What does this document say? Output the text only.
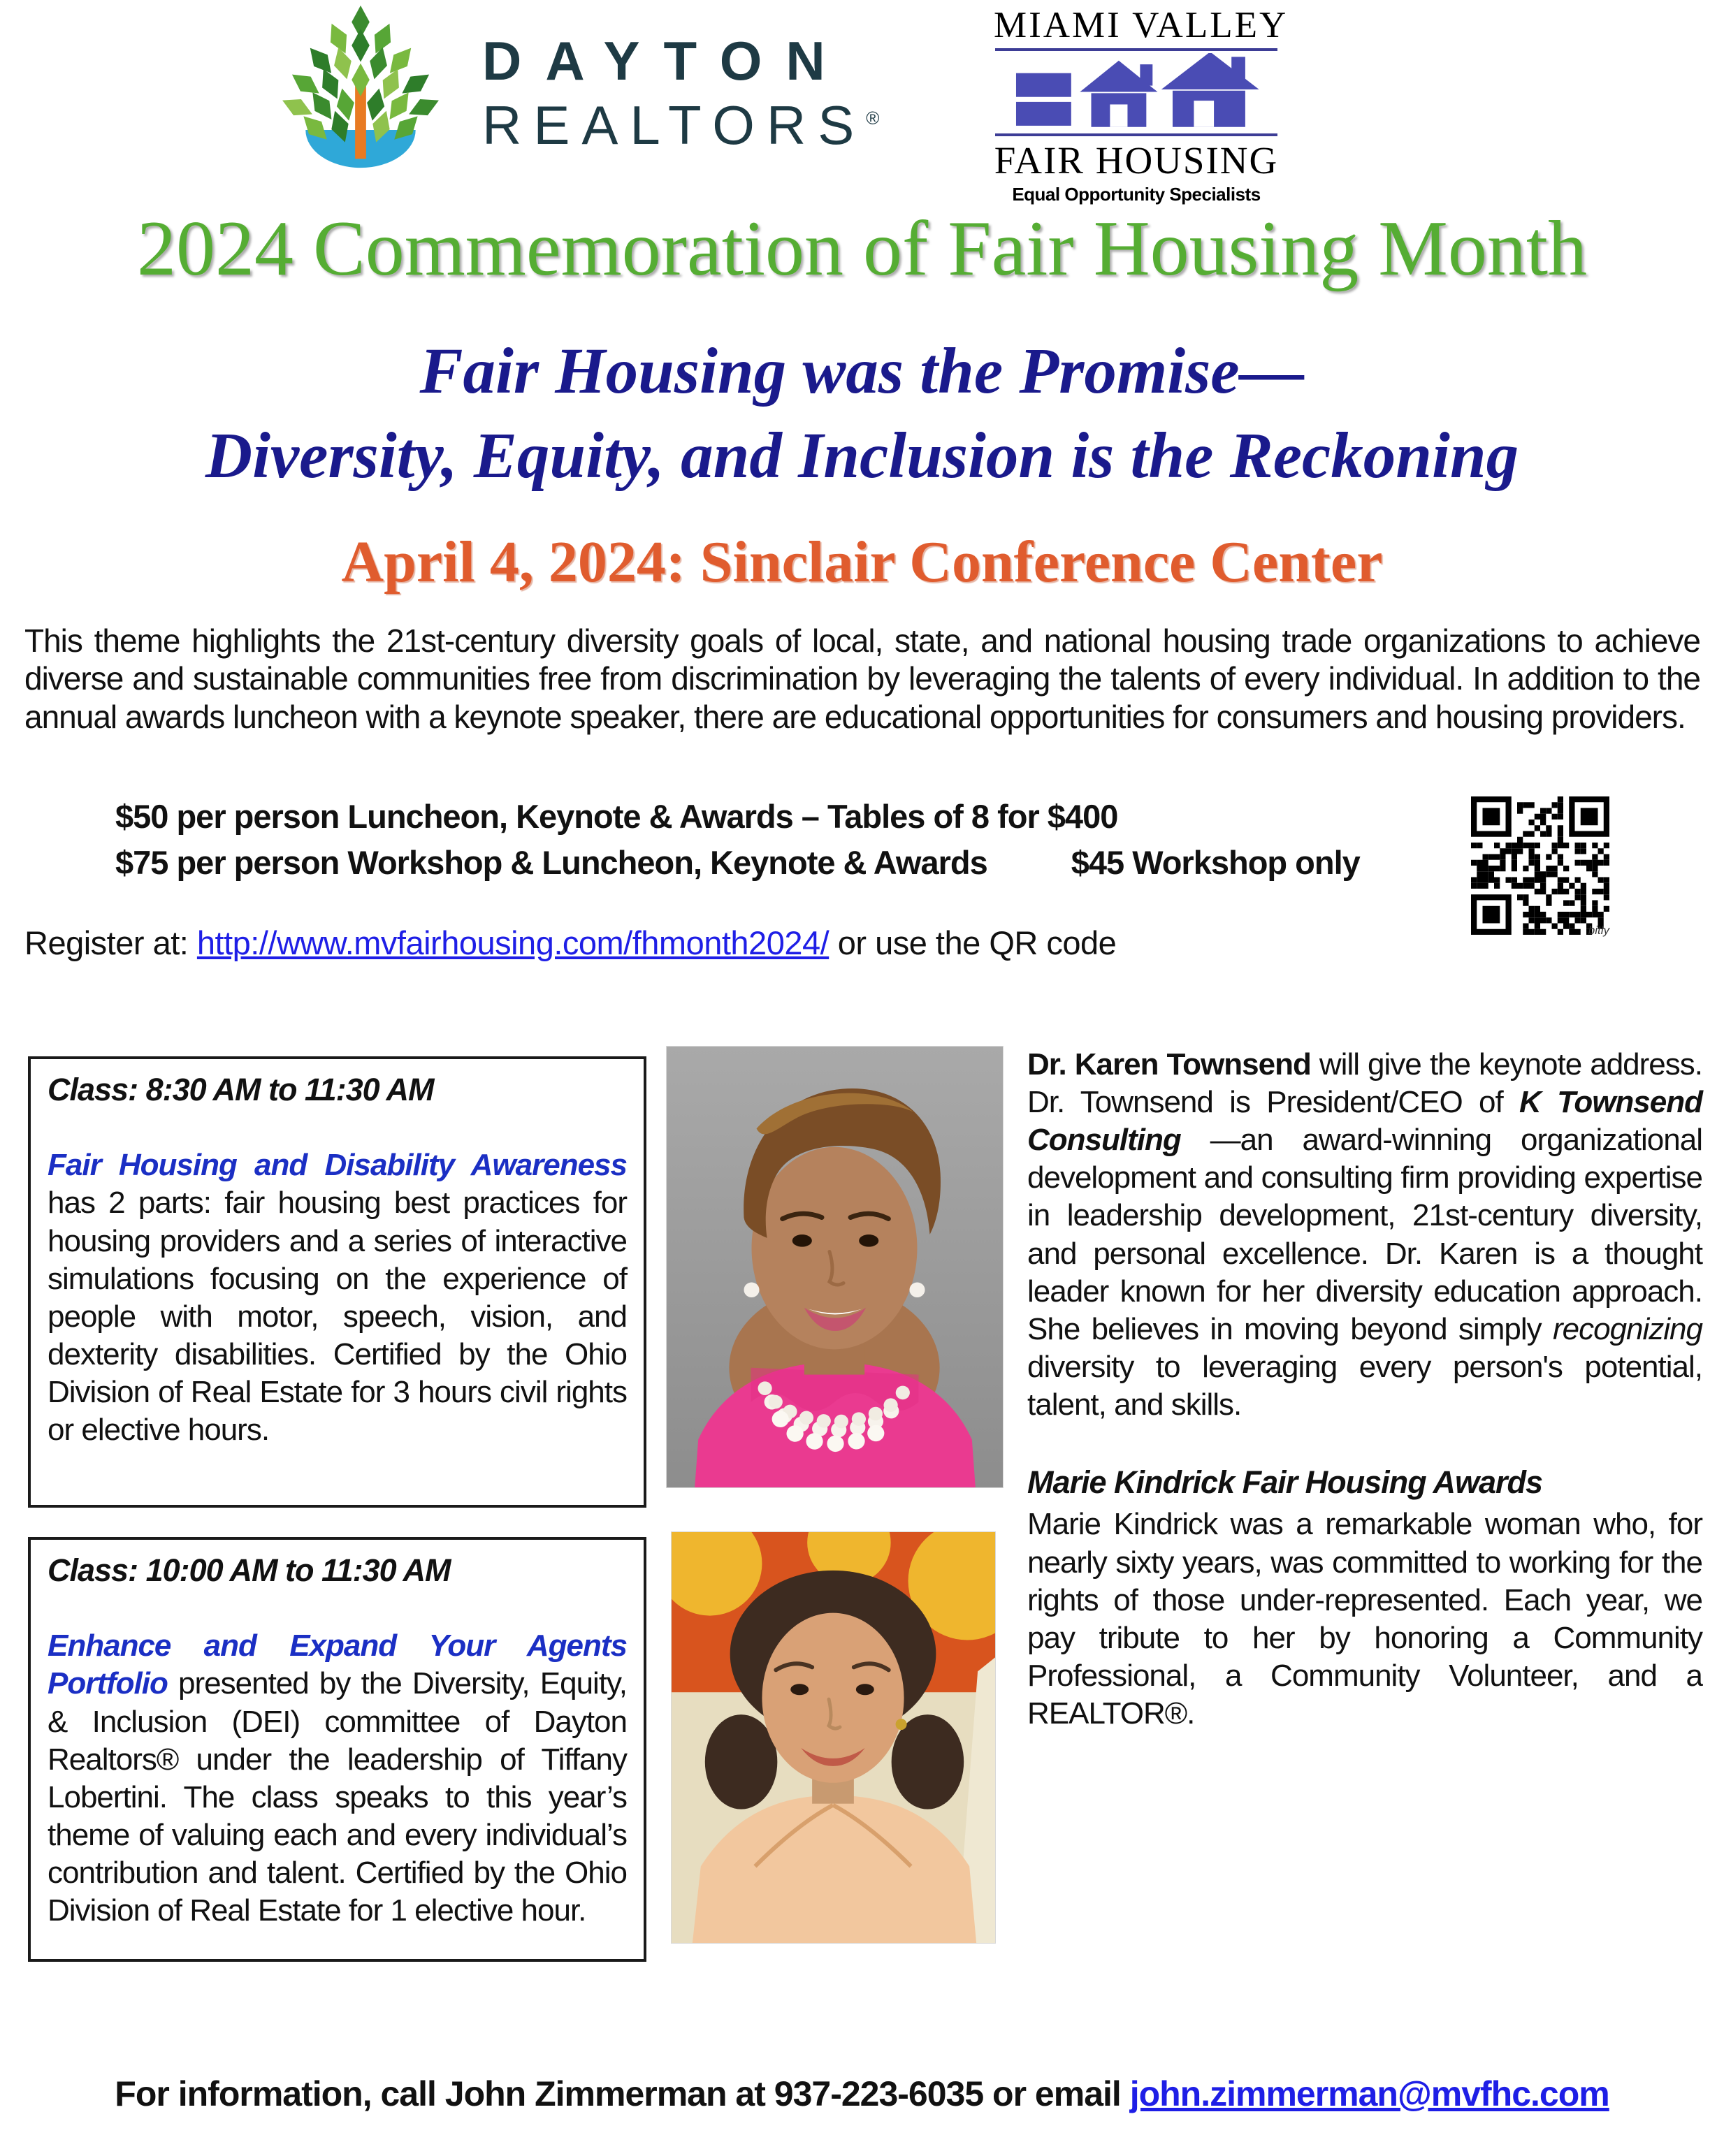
DAYTON
REALTORS®
MIAMI VALLEY
FAIR HOUSING
Equal Opportunity Specialists
2024 Commemoration of Fair Housing Month
Fair Housing was the Promise—
Diversity, Equity, and Inclusion is the Reckoning
April 4, 2024: Sinclair Conference Center
This theme highlights the 21st-century diversity goals of local, state, and national housing trade organizations to achieve diverse and sustainable communities free from discrimination by leveraging the talents of every individual. In addition to the annual awards luncheon with a keynote speaker, there are educational opportunities for consumers and housing providers.
$50 per person Luncheon, Keynote & Awards – Tables of 8 for $400
$75 per person Workshop & Luncheon, Keynote & Awards	$45 Workshop only
bitly
Register at: http://www.mvfairhousing.com/fhmonth2024/ or use the QR code
Class: 8:30 AM to 11:30 AM
Fair Housing and Disability Awareness has 2 parts: fair housing best practices for housing providers and a series of interactive simulations focusing on the experience of people with motor, speech, vision, and dexterity disabilities. Certified by the Ohio Division of Real Estate for 3 hours civil rights or elective hours.
Class: 10:00 AM to 11:30 AM
Enhance and Expand Your Agents Portfolio presented by the Diversity, Equity, & Inclusion (DEI) committee of Dayton Realtors® under the leadership of Tiffany Lobertini. The class speaks to this year’s theme of valuing each and every individual’s contribution and talent. Certified by the Ohio Division of Real Estate for 1 elective hour.
Dr. Karen Townsend will give the keynote address. Dr. Townsend is President/CEO of K Townsend Consulting —an award-winning organizational development and consulting firm providing expertise in leadership development, 21st-century diversity, and personal excellence. Dr. Karen is a thought leader known for her diversity education approach. She believes in moving beyond simply recognizing diversity to leveraging every person's potential, talent, and skills.
Marie Kindrick Fair Housing Awards
Marie Kindrick was a remarkable woman who, for nearly sixty years, was committed to working for the rights of those under-represented. Each year, we pay tribute to her by honoring a Community Professional, a Community Volunteer, and a REALTOR®.
For information, call John Zimmerman at 937-223-6035 or email john.zimmerman@mvfhc.com
